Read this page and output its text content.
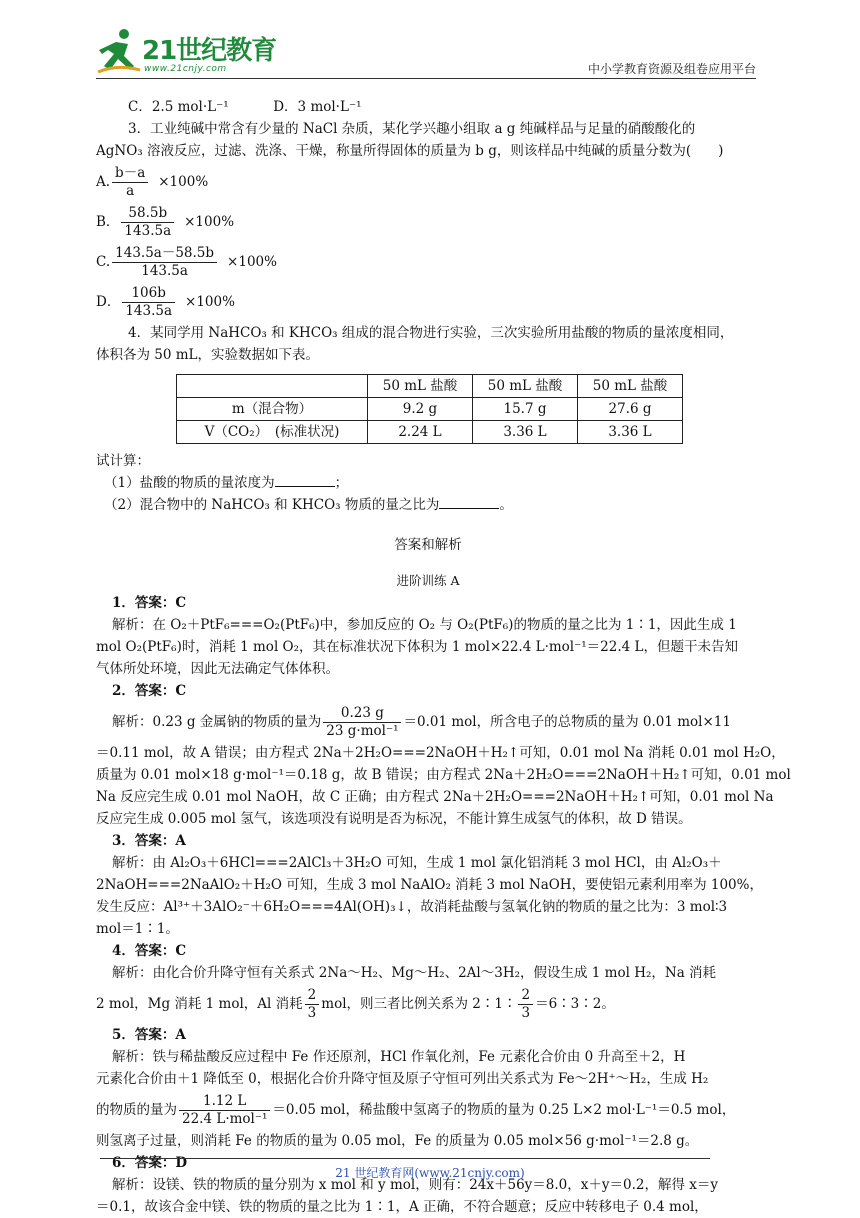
21世纪教育
www.21cnjy.com	中小学教育资源及组卷应用平台
C．2.5 mol·L⁻¹	D．3 mol·L⁻¹
3．工业纯碱中常含有少量的 NaCl 杂质，某化学兴趣小组取 a g 纯碱样品与足量的硝酸酸化的
AgNO₃ 溶液反应，过滤、洗涤、干燥，称量所得固体的质量为 b g，则该样品中纯碱的质量分数为(　　)
A. $\frac{b-a}{a} \times 100\%$
B． $\frac{58.5b}{143.5a} \times 100\%$
C. $\frac{143.5a-58.5b}{143.5a} \times 100\%$
D． $\frac{106b}{143.5a} \times 100\%$
4．某同学用 NaHCO₃ 和 KHCO₃ 组成的混合物进行实验，三次实验所用盐酸的物质的量浓度相同，
体积各为 50 mL，实验数据如下表。
	50 mL 盐酸	50 mL 盐酸	50 mL 盐酸
m（混合物）	9.2 g	15.7 g	27.6 g
V（CO₂）　(标准状况)	2.24 L	3.36 L	3.36 L
试计算：
（1）盐酸的物质的量浓度为	；
（2）混合物中的 NaHCO₃ 和 KHCO₃ 物质的量之比为	。
答案和解析
进阶训练 A
1．答案：C
解析：在 O₂＋PtF₆===O₂(PtF₆)中，参加反应的 O₂ 与 O₂(PtF₆)的物质的量之比为 1∶1，因此生成 1
mol O₂(PtF₆)时，消耗 1 mol O₂，其在标准状况下体积为 1 mol×22.4 L·mol⁻¹＝22.4 L，但题干未告知
气体所处环境，因此无法确定气体体积。
2．答案：C
解析：0.23 g 金属钠的物质的量为 $\frac{0.23 g}{\text{23 g·mol⁻¹}} =0.01$ mol，所含电子的总物质的量为 0.01 mol×11
＝0.11 mol，故 A 错误；由方程式 2Na＋2H₂O===2NaOH＋H₂↑可知，0.01 mol Na 消耗 0.01 mol H₂O，
质量为 0.01 mol×18 g·mol⁻¹＝0.18 g，故 B 错误；由方程式 2Na＋2H₂O===2NaOH＋H₂↑可知，0.01 mol
Na 反应完生成 0.01 mol NaOH，故 C 正确；由方程式 2Na＋2H₂O===2NaOH＋H₂↑可知，0.01 mol Na
反应完生成 0.005 mol 氢气，该选项没有说明是否为标况，不能计算生成氢气的体积，故 D 错误。
3．答案：A
解析：由 Al₂O₃＋6HCl===2AlCl₃＋3H₂O 可知，生成 1 mol 氯化铝消耗 3 mol HCl，由 Al₂O₃＋
2NaOH===2NaAlO₂＋H₂O 可知，生成 3 mol NaAlO₂ 消耗 3 mol NaOH，要使铝元素利用率为 100%，
发生反应：Al³⁺＋3AlO₂⁻＋6H₂O===4Al(OH)₃↓，故消耗盐酸与氢氧化钠的物质的量之比为：3 mol∶3
mol＝1∶1。
4．答案：C
解析：由化合价升降守恒有关系式 2Na～H₂、Mg～H₂、2Al～3H₂，假设生成 1 mol H₂，Na 消耗
2 mol，Mg 消耗 1 mol，Al 消耗 $\frac{2}{3}$ mol，则三者比例关系为 2∶1∶ $\frac{2}{3}$ ＝6∶3∶2。
5．答案：A
解析：铁与稀盐酸反应过程中 Fe 作还原剂，HCl 作氧化剂，Fe 元素化合价由 0 升高至＋2，H
元素化合价由＋1 降低至 0，根据化合价升降守恒及原子守恒可列出关系式为 Fe～2H⁺～H₂，生成 H₂
的物质的量为 $\frac{1.12 L}{\text{22.4 L·mol⁻¹}} =0.05$ mol，稀盐酸中氢离子的物质的量为 0.25 L×2 mol·L⁻¹＝0.5 mol，
则氢离子过量，则消耗 Fe 的物质的量为 0.05 mol，Fe 的质量为 0.05 mol×56 g·mol⁻¹＝2.8 g。
6．答案：D
解析：设镁、铁的物质的量分别为 x mol 和 y mol，则有：24x＋56y＝8.0，x＋y＝0.2，解得 x＝y
＝0.1，故该合金中镁、铁的物质的量之比为 1∶1，A 正确，不符合题意；反应中转移电子 0.4 mol，
21 世纪教育网(www.21cnjy.com)
